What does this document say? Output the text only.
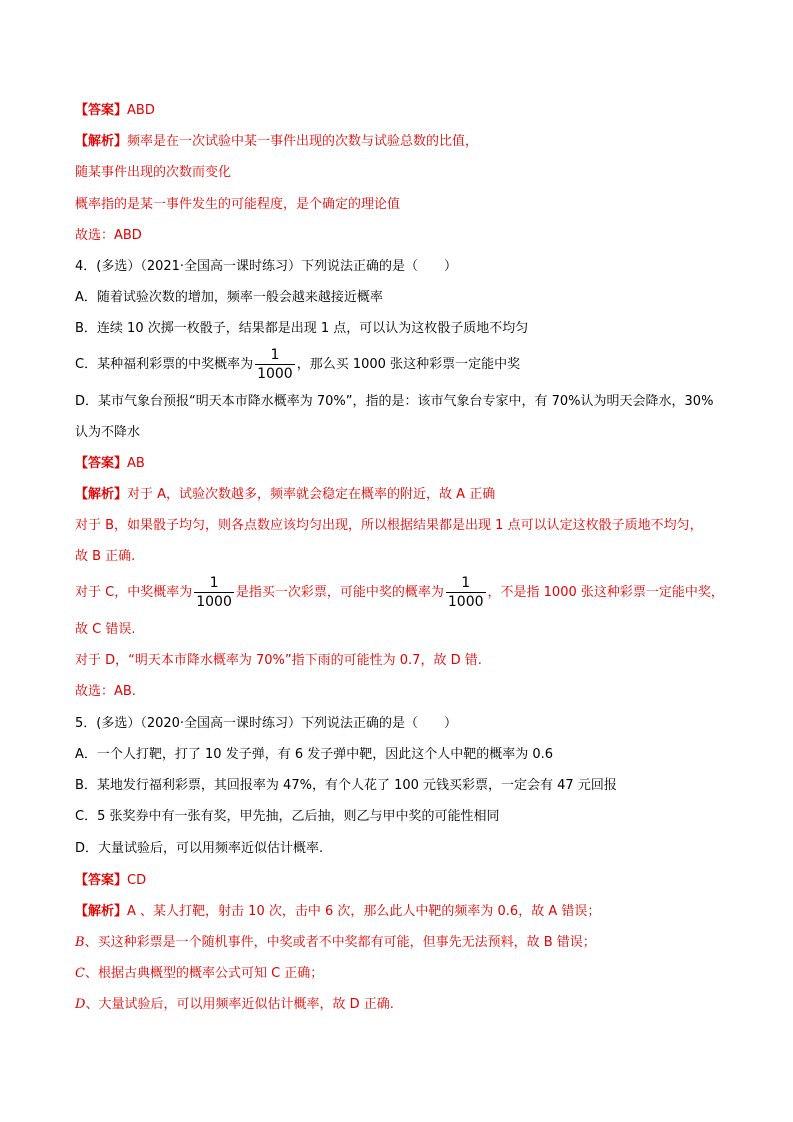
【答案】ABD
【解析】频率是在一次试验中某一事件出现的次数与试验总数的比值，
随某事件出现的次数而变化
概率指的是某一事件发生的可能程度，是个确定的理论值
故选：ABD
4．(多选）（2021·全国高一课时练习）下列说法正确的是（　　）
A．随着试验次数的增加，频率一般会越来越接近概率
B．连续 10 次掷一枚骰子，结果都是出现 1 点，可以认为这枚骰子质地不均匀
C．某种福利彩票的中奖概率为 $\frac{1}{1000}$ ，那么买 1000 张这种彩票一定能中奖
D．某市气象台预报“明天本市降水概率为 70%”，指的是：该市气象台专家中，有 70%认为明天会降水，30%
认为不降水
【答案】AB
【解析】对于 A，试验次数越多，频率就会稳定在概率的附近，故 A 正确
对于 B，如果骰子均匀，则各点数应该均匀出现，所以根据结果都是出现 1 点可以认定这枚骰子质地不均匀，
故 B 正确.
对于 C，中奖概率为 $\frac{1}{1000}$ 是指买一次彩票，可能中奖的概率为 $\frac{1}{1000}$ ，不是指 1000 张这种彩票一定能中奖，
故 C 错误.
对于 D，“明天本市降水概率为 70%”指下雨的可能性为 0.7，故 D 错.
故选：AB.
5．(多选）（2020·全国高一课时练习）下列说法正确的是（　　）
A．一个人打靶，打了 10 发子弹，有 6 发子弹中靶，因此这个人中靶的概率为 0.6
B．某地发行福利彩票，其回报率为 47%，有个人花了 100 元钱买彩票，一定会有 47 元回报
C．5 张奖券中有一张有奖，甲先抽，乙后抽，则乙与甲中奖的可能性相同
D．大量试验后，可以用频率近似估计概率.
【答案】CD
【解析】A 、某人打靶，射击 10 次，击中 6 次，那么此人中靶的频率为 0.6，故 A 错误；
B、买这种彩票是一个随机事件，中奖或者不中奖都有可能，但事先无法预料，故 B 错误；
C、根据古典概型的概率公式可知 C 正确；
D、大量试验后，可以用频率近似估计概率，故 D 正确.
